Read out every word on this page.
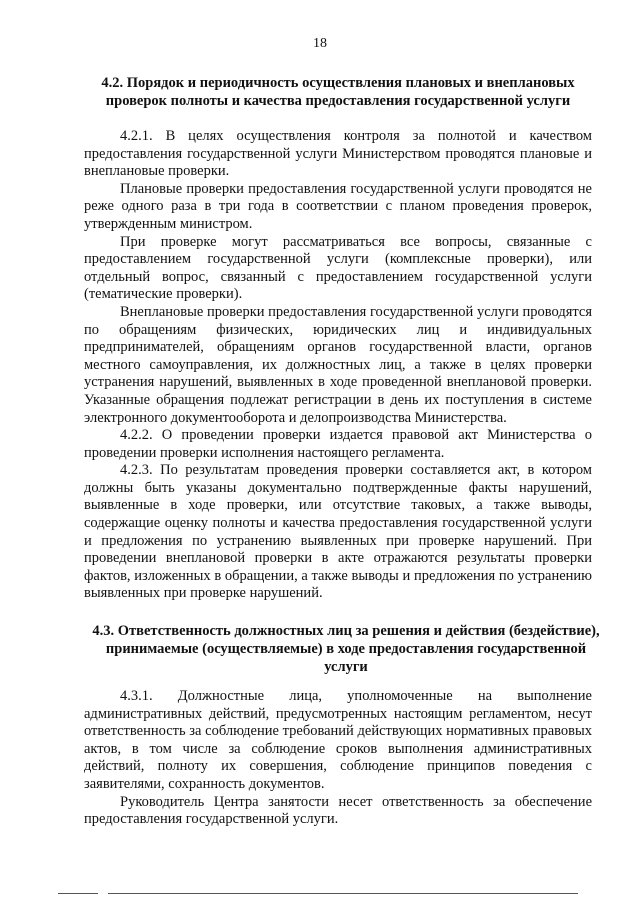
18
4.2. Порядок и периодичность осуществления плановых и внеплановых проверок полноты и качества предоставления государственной услуги

4.2.1. В целях осуществления контроля за полнотой и качеством предоставления государственной услуги Министерством проводятся плановые и внеплановые проверки.

Плановые проверки предоставления государственной услуги проводятся не реже одного раза в три года в соответствии с планом проведения проверок, утвержденным министром.

При проверке могут рассматриваться все вопросы, связанные с предоставлением государственной услуги (комплексные проверки), или отдельный вопрос, связанный с предоставлением государственной услуги (тематические проверки).

Внеплановые проверки предоставления государственной услуги проводятся по обращениям физических, юридических лиц и индивидуальных предпринимателей, обращениям органов государственной власти, органов местного самоуправления, их должностных лиц, а также в целях проверки устранения нарушений, выявленных в ходе проведенной внеплановой проверки. Указанные обращения подлежат регистрации в день их поступления в системе электронного документооборота и делопроизводства Министерства.

4.2.2. О проведении проверки издается правовой акт Министерства о проведении проверки исполнения настоящего регламента.

4.2.3. По результатам проведения проверки составляется акт, в котором должны быть указаны документально подтвержденные факты нарушений, выявленные в ходе проверки, или отсутствие таковых, а также выводы, содержащие оценку полноты и качества предоставления государственной услуги и предложения по устранению выявленных при проверке нарушений. При проведении внеплановой проверки в акте отражаются результаты проверки фактов, изложенных в обращении, а также выводы и предложения по устранению выявленных при проверке нарушений.

4.3. Ответственность должностных лиц за решения и действия (бездействие), принимаемые (осуществляемые) в ходе предоставления государственной услуги

4.3.1. Должностные лица, уполномоченные на выполнение административных действий, предусмотренных настоящим регламентом, несут ответственность за соблюдение требований действующих нормативных правовых актов, в том числе за соблюдение сроков выполнения административных действий, полноту их совершения, соблюдение принципов поведения с заявителями, сохранность документов.

Руководитель Центра занятости несет ответственность за обеспечение предоставления государственной услуги.
